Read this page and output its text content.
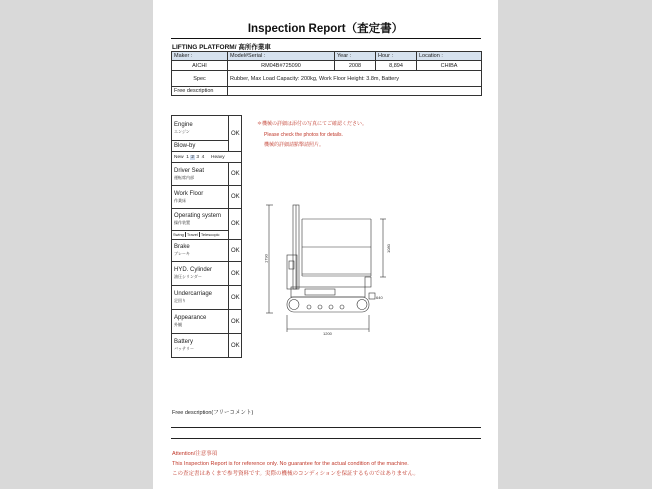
Inspection Report（査定書）
LIFTING PLATFORM/ 高所作業車
Maker :	Model#Serial :	Year :	Hour :	Location :
AICHI	RM04B#725090	2008	8,894	CHIBA
Spec	Rubber, Max Load Capacity: 200kg, Work Floor Height: 3.8m, Battery			
Free description				
Engine
エンジン	OK
Blow-by	
New 1 2 3 4 Heavy	
Driver Seat
運転席内部	OK
Work Floor
作業床	OK
Operating system
操作装置	OK
Swing Travel Telescopic	
Brake
ブレーキ	OK
HYD. Cylinder
油圧シリンダー	OK
Undercarriage
足回り	OK
Appearance
外観	OK
Battery
バッテリー	OK
＊機械の詳細は添付の写真にてご確認ください。
Please check the photos for details.
機械的詳細請點擊請照片。
1200
1790
1080
640
Free description(フリーコメント)
Attention/注意事項
This Inspection Report is for reference only. No guarantee for the actual condition of the machine.
この査定書はあくまで参考資料です。実際の機械のコンディションを保証するものではありません。
